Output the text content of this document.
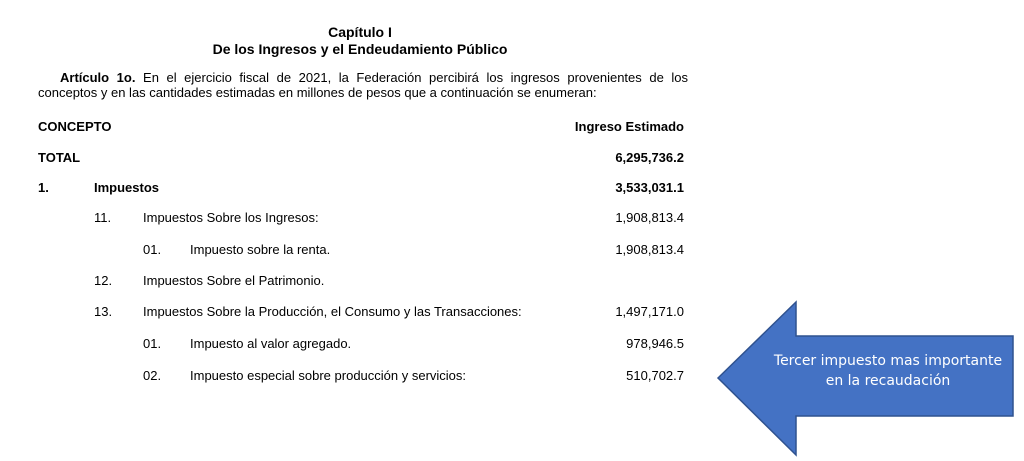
Capítulo I
De los Ingresos y el Endeudamiento Público
Artículo 1o. En el ejercicio fiscal de 2021, la Federación percibirá los ingresos provenientes de los
conceptos y en las cantidades estimadas en millones de pesos que a continuación se enumeran:
CONCEPTO	Ingreso Estimado
TOTAL	6,295,736.2
1.	Impuestos	3,533,031.1
11. Impuestos Sobre los Ingresos:	1,908,813.4
01. Impuesto sobre la renta.	1,908,813.4
12. Impuestos Sobre el Patrimonio.
13. Impuestos Sobre la Producción, el Consumo y las Transacciones:	1,497,171.0
01. Impuesto al valor agregado.	978,946.5
02. Impuesto especial sobre producción y servicios:	510,702.7
Tercer impuesto mas importante
en la recaudación
